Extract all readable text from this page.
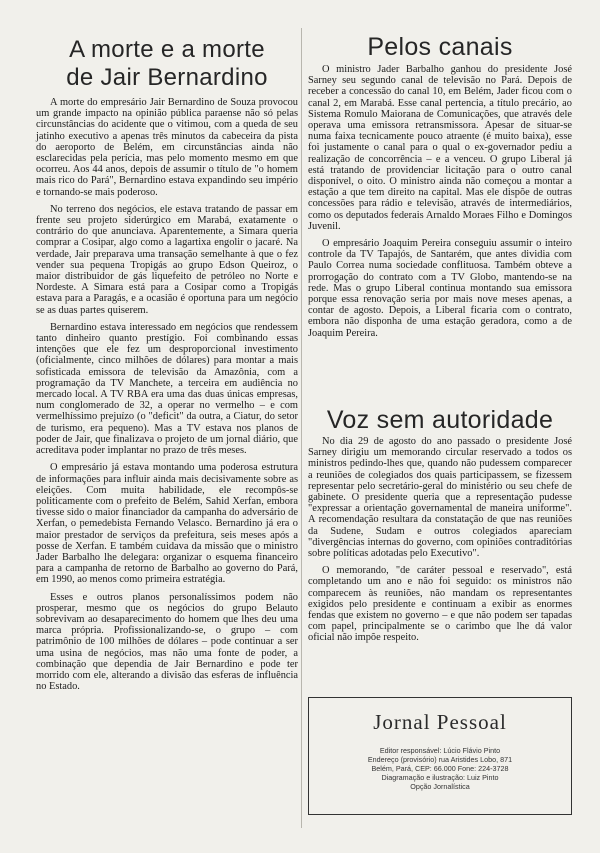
A morte e a morte
de Jair Bernardino

A morte do empresário Jair Bernardino de Souza provocou um grande impacto na opinião pública paraense não só pelas circunstâncias do acidente que o vitimou, com a queda de seu jatinho executivo a apenas três minutos da cabeceira da pista do aeroporto de Belém, em circunstâncias ainda não esclarecidas pela perícia, mas pelo momento mesmo em que ocorreu. Aos 44 anos, depois de assumir o título de "o homem mais rico do Pará", Bernardino estava expandindo seu império e tornando-se mais poderoso.

No terreno dos negócios, ele estava tratando de passar em frente seu projeto siderúrgico em Marabá, exatamente o contrário do que anunciava. Aparentemente, a Simara queria comprar a Cosipar, algo como a lagartixa engolir o jacaré. Na verdade, Jair preparava uma transação semelhante à que o fez vender sua pequena Tropigás ao grupo Edson Queiroz, o maior distribuidor de gás liquefeito de petróleo no Norte e Nordeste. A Simara está para a Cosipar como a Tropigás estava para a Paragás, e a ocasião é oportuna para um negócio se as duas partes quiserem.

Bernardino estava interessado em negócios que rendessem tanto dinheiro quanto prestígio. Foi combinando essas intenções que ele fez um desproporcional investimento (oficialmente, cinco milhões de dólares) para montar a mais sofisticada emissora de televisão da Amazônia, com a programação da TV Manchete, a terceira em audiência no mercado local. A TV RBA era uma das duas únicas empresas, num conglomerado de 32, a operar no vermelho – e com vermelhíssimo prejuízo (o "deficit" da outra, a Ciatur, do setor de turismo, era pequeno). Mas a TV estava nos planos de poder de Jair, que finalizava o projeto de um jornal diário, que acreditava poder implantar no prazo de três meses.

O empresário já estava montando uma poderosa estrutura de informações para influir ainda mais decisivamente sobre as eleições. Com muita habilidade, ele recompôs-se politicamente com o prefeito de Belém, Sahid Xerfan, embora tivesse sido o maior financiador da campanha do adversário de Xerfan, o pemedebista Fernando Velasco. Bernardino já era o maior prestador de serviços da prefeitura, seis meses após a posse de Xerfan. E também cuidava da missão que o ministro Jader Barbalho lhe delegara: organizar o esquema financeiro para a campanha de retorno de Barbalho ao governo do Pará, em 1990, ao menos como primeira estratégia.

Esses e outros planos personalíssimos podem não prosperar, mesmo que os negócios do grupo Belauto sobrevivam ao desaparecimento do homem que lhes deu uma marca própria. Profissionalizando-se, o grupo – com patrimônio de 100 milhões de dólares – pode continuar a ser uma usina de negócios, mas não uma fonte de poder, a combinação que dependia de Jair Bernardino e pode ter morrido com ele, alterando a divisão das esferas de influência no Estado.

Pelos canais

O ministro Jader Barbalho ganhou do presidente José Sarney seu segundo canal de televisão no Pará. Depois de receber a concessão do canal 10, em Belém, Jader ficou com o canal 2, em Marabá. Esse canal pertencia, a título precário, ao Sistema Romulo Maiorana de Comunicações, que através dele operava uma emissora retransmissora. Apesar de situar-se numa faixa tecnicamente pouco atraente (é muito baixa), esse foi justamente o canal para o qual o ex-governador pediu a realização de concorrência – e a venceu. O grupo Liberal já está tratando de providenciar licitação para o outro canal disponível, o oito. O ministro ainda não começou a montar a estação a que tem direito na capital. Mas ele dispõe de outras concessões para rádio e televisão, através de intermediários, como os deputados federais Arnaldo Moraes Filho e Domingos Juvenil.

O empresário Joaquim Pereira conseguiu assumir o inteiro controle da TV Tapajós, de Santarém, que antes dividia com Paulo Correa numa sociedade conflituosa. Também obteve a prorrogação do contrato com a TV Globo, mantendo-se na rede. Mas o grupo Liberal continua montando sua emissora porque essa renovação seria por mais nove meses apenas, a contar de agosto. Depois, a Liberal ficaria com o contrato, embora não disponha de uma estação geradora, como a de Joaquim Pereira.

Voz sem autoridade

No dia 29 de agosto do ano passado o presidente José Sarney dirigiu um memorando circular reservado a todos os ministros pedindo-lhes que, quando não pudessem comparecer a reuniões de colegiados dos quais participassem, se fizessem representar pelo secretário-geral do ministério ou seu chefe de gabinete. O presidente queria que a representação pudesse "expressar a orientação governamental de maneira uniforme". A recomendação resultara da constatação de que nas reuniões da Sudene, Sudam e outros colegiados apareciam "divergências internas do governo, com opiniões contraditórias sobre políticas adotadas pelo Executivo".

O memorando, "de caráter pessoal e reservado", está completando um ano e não foi seguido: os ministros não comparecem às reuniões, não mandam os representantes exigidos pelo presidente e continuam a exibir as enormes fendas que existem no governo – e que não podem ser tapadas com papel, principalmente se o carimbo que lhe dá valor oficial não impõe respeito.

Jornal Pessoal
Editor responsável: Lúcio Flávio Pinto
Endereço (provisório) rua Aristides Lobo, 871
Belém, Pará, CEP: 66.000 Fone: 224-3728
Diagramação e ilustração: Luiz Pinto
Opção Jornalística
